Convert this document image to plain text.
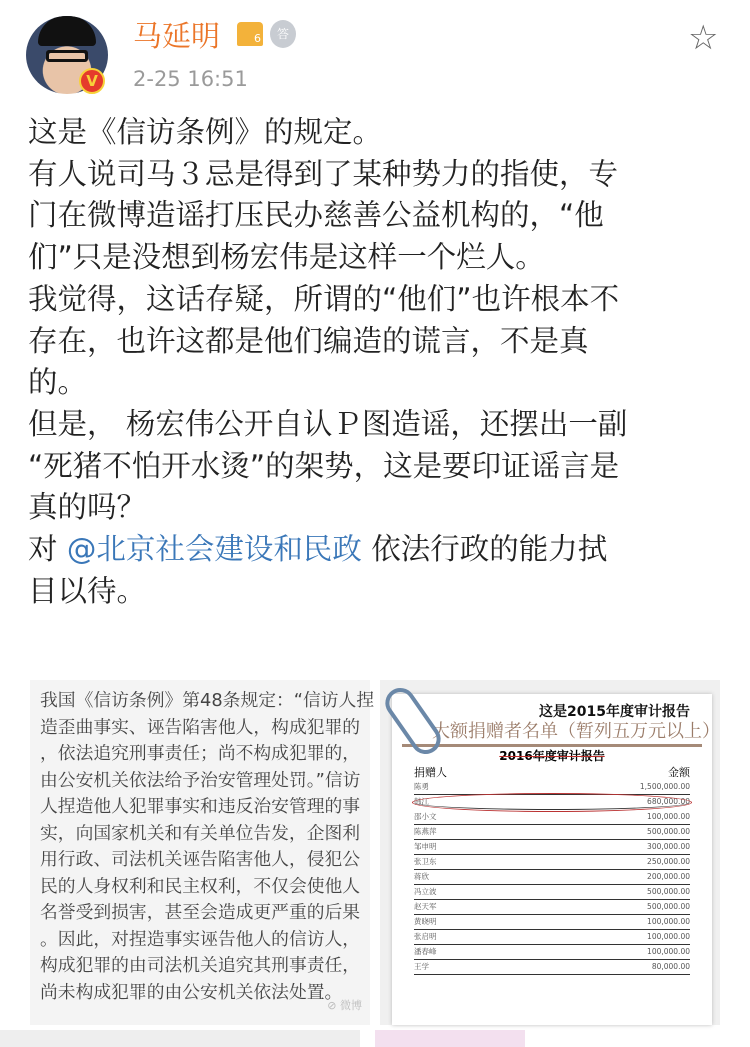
V
马延明	6	答
2-25 16:51
☆
这是《信访条例》的规定。
有人说司马３忌是得到了某种势力的指使，专
门在微博造谣打压民办慈善公益机构的，“他
们”只是没想到杨宏伟是这样一个烂人。
我觉得，这话存疑，所谓的“他们”也许根本不
存在，也许这都是他们编造的谎言，不是真
的。
但是， 杨宏伟公开自认Ｐ图造谣，还摆出一副
“死猪不怕开水烫”的架势，这是要印证谣言是
真的吗？
对 @北京社会建设和民政 依法行政的能力拭
目以待。
我国《信访条例》第48条规定：“信访人捏
造歪曲事实、诬告陷害他人，构成犯罪的
，依法追究刑事责任；尚不构成犯罪的，
由公安机关依法给予治安管理处罚。”信访
人捏造他人犯罪事实和违反治安管理的事
实，向国家机关和有关单位告发，企图利
用行政、司法机关诬告陷害他人，侵犯公
民的人身权利和民主权利，不仅会使他人
名誉受到损害，甚至会造成更严重的后果
。因此，对捏造事实诬告他人的信访人，
构成犯罪的由司法机关追究其刑事责任，
尚未构成犯罪的由公安机关依法处置。
⊘ 微博
这是2015年度审计报告
大额捐赠者名单（暂列五万元以上）
2016年度审计报告
捐赠人	金额
陈勇	1,500,000.00
韩江	680,000.00
邵小文	100,000.00
陈燕萍	500,000.00
邹申明	300,000.00
张卫东	250,000.00
蒋欣	200,000.00
冯立波	500,000.00
赵天军	500,000.00
黄晓明	100,000.00
张启明	100,000.00
潘春峰	100,000.00
王学	80,000.00
